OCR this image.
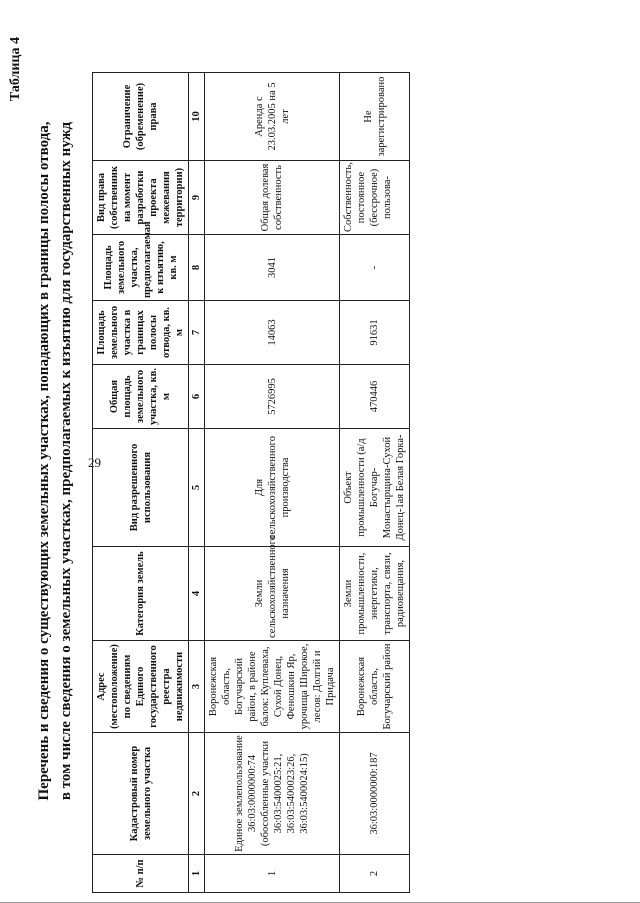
29
Таблица 4
Перечень и сведения о существующих земельных участках, попадающих в границы полосы отвода, в том числе сведения о земельных участках, предполагаемых к изъятию для государственных нужд
№ п/п	Кадастровый номер земельного участка	Адрес (местоположение) по сведениям Единого государственного реестра недвижимости	Категория земель	Вид разрешенного использования	Общая площадь земельного участка, кв. м	Площадь земельного участка в границах полосы отвода, кв. м	Площадь земельного участка, предполагаемая к изъятию, кв. м	Вид права (собственник на момент разработки проекта межевания территории)	Ограничение (обременение) права
1	2	3	4	5	6	7	8	9	10
1	Единое землепользование 36:03:0000000:74 (обособленные участки 36:03:5400025:21, 36:03:5400023:26, 36:03:5400024:15)	Воронежская область, Богучарский район, в районе балок: Куплеваха, Сухой Донец, Феношкин Яр, урочища Широкое, лесов: Долгий и Придача	Земли сельскохозяйственного назначения	Для сельскохозяйственного производства	5726995	14063	3041	Общая долевая собственность	Аренда с 23.03.2005 на 5 лет
2	36:03:0000000:187	Воронежская область, Богучарский район	Земли промышленности, энергетики, транспорта, связи, радиовещания,	Объект промышленности (а/д Богучар-Монастырщина-Сухой Донец-1ая Белая Горка-	470446	91631	-	Собственность, постоянное (бессрочное) пользова-	Не зарегистрировано
